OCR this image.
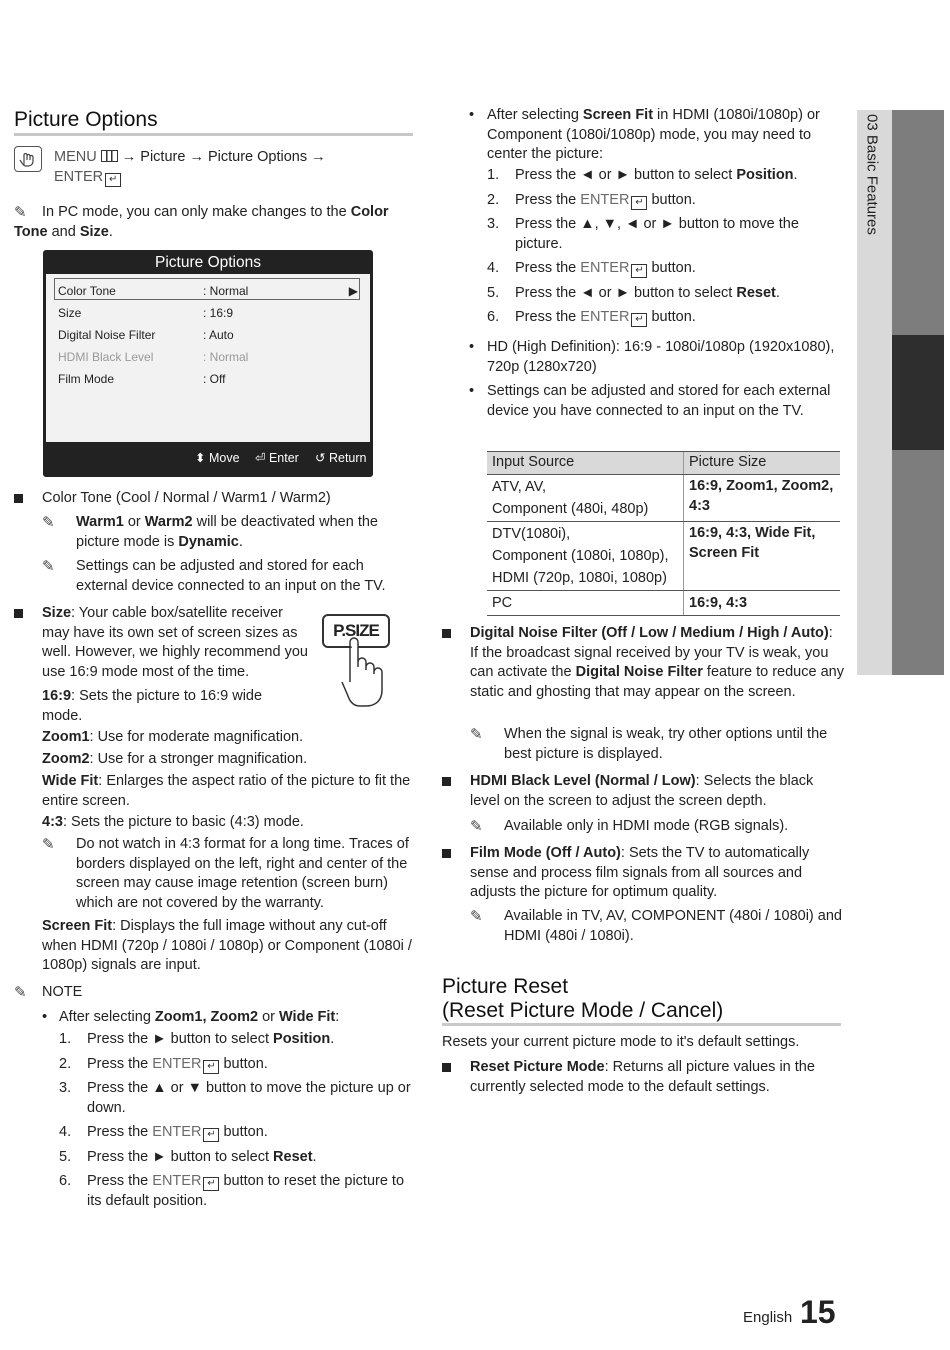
03 Basic Features
Picture Options
MENU  → Picture → Picture Options →
ENTER ↵
✎ In PC mode, you can only make changes to the Color Tone and Size.
Picture Options
Color Tone	: Normal	▶
Size	: 16:9
Digital Noise Filter	: Auto
HDMI Black Level	: Normal
Film Mode	: Off
⬍ Move ⏎ Enter ↺ Return
Color Tone (Cool / Normal / Warm1 / Warm2)
✎ Warm1 or Warm2 will be deactivated when the picture mode is Dynamic.
✎ Settings can be adjusted and stored for each external device connected to an input on the TV.
Size: Your cable box/satellite receiver may have its own set of screen sizes as well. However, we highly recommend you use 16:9 mode most of the time.
P.SIZE
16:9: Sets the picture to 16:9 wide mode.
Zoom1: Use for moderate magnification.
Zoom2: Use for a stronger magnification.
Wide Fit: Enlarges the aspect ratio of the picture to fit the entire screen.
4:3: Sets the picture to basic (4:3) mode.
✎ Do not watch in 4:3 format for a long time. Traces of borders displayed on the left, right and center of the screen may cause image retention (screen burn) which are not covered by the warranty.
Screen Fit: Displays the full image without any cut-off when HDMI (720p / 1080i / 1080p) or Component (1080i / 1080p) signals are input.
✎ NOTE
• After selecting Zoom1, Zoom2 or Wide Fit:
1.	Press the ► button to select Position.
2.	Press the ENTER ↵ button.
3.	Press the ▲ or ▼ button to move the picture up or down.
4.	Press the ENTER ↵ button.
5.	Press the ► button to select Reset.
6.	Press the ENTER ↵ button to reset the picture to its default position.
• After selecting Screen Fit in HDMI (1080i/1080p) or Component (1080i/1080p) mode, you may need to center the picture:
1.	Press the ◄ or ► button to select Position.
2.	Press the ENTER ↵ button.
3.	Press the ▲, ▼, ◄ or ► button to move the picture.
4.	Press the ENTER ↵ button.
5.	Press the ◄ or ► button to select Reset.
6.	Press the ENTER ↵ button.
• HD (High Definition): 16:9 - 1080i/1080p (1920x1080), 720p (1280x720)
• Settings can be adjusted and stored for each external device you have connected to an input on the TV.
Input Source	Picture Size
ATV, AV,
Component (480i, 480p)	16:9, Zoom1, Zoom2, 4:3
DTV(1080i),
Component (1080i, 1080p),
HDMI (720p, 1080i, 1080p)	16:9, 4:3, Wide Fit, Screen Fit
PC	16:9, 4:3
Digital Noise Filter (Off / Low / Medium / High / Auto): If the broadcast signal received by your TV is weak, you can activate the Digital Noise Filter feature to reduce any static and ghosting that may appear on the screen.
✎ When the signal is weak, try other options until the best picture is displayed.
HDMI Black Level (Normal / Low): Selects the black level on the screen to adjust the screen depth.
✎ Available only in HDMI mode (RGB signals).
Film Mode (Off / Auto): Sets the TV to automatically sense and process film signals from all sources and adjusts the picture for optimum quality.
✎ Available in TV, AV, COMPONENT (480i / 1080i) and HDMI (480i / 1080i).
Picture Reset
(Reset Picture Mode / Cancel)
Resets your current picture mode to it's default settings.
Reset Picture Mode: Returns all picture values in the currently selected mode to the default settings.
English 15
